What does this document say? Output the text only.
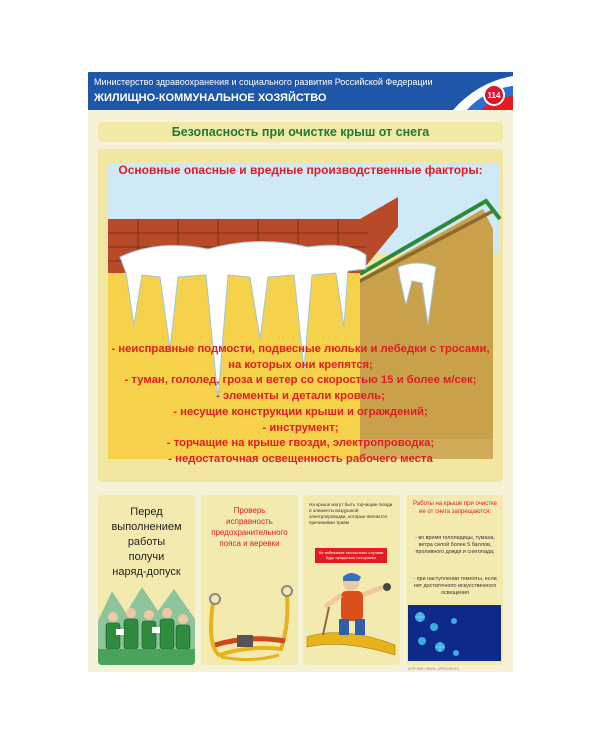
Министерство здравоохранения и социального развития Российской Федерации
ЖИЛИЩНО-КОММУНАЛЬНОЕ ХОЗЯЙСТВО	114
Безопасность при очистке крыш от снега
Основные опасные и вредные производственные факторы:
- неисправные подмости, подвесные люльки и лебедки с тросами,
на которых они крепятся;
- туман, гололед, гроза и ветер со скоростью 15 и более м/сек;
- элементы и детали кровель;
- несущие конструкции крыши и ограждений;
- инструмент;
- торчащие на крыше гвозди, электропроводка;
- недостаточная освещенность рабочего места
Перед
выполнением
работы
получи
наряд-допуск
Проверь
исправность
предохранительного
пояса и веревки
На крыше могут быть торчащие гвозди и элементы воздушной электропроводки, которые являются причиниями травм
Во избежание несчастных случаев будь предельно осторожен
Работы на крыше при очистке ее от снега запрещаются:
- во время гололедицы, тумана, ветра силой более 5 баллов, проливного дождя и снегопада;
- при наступлении темноты, если нет достаточного искусственного освещения
АПРОКИН WWW. APROKIN.RU
